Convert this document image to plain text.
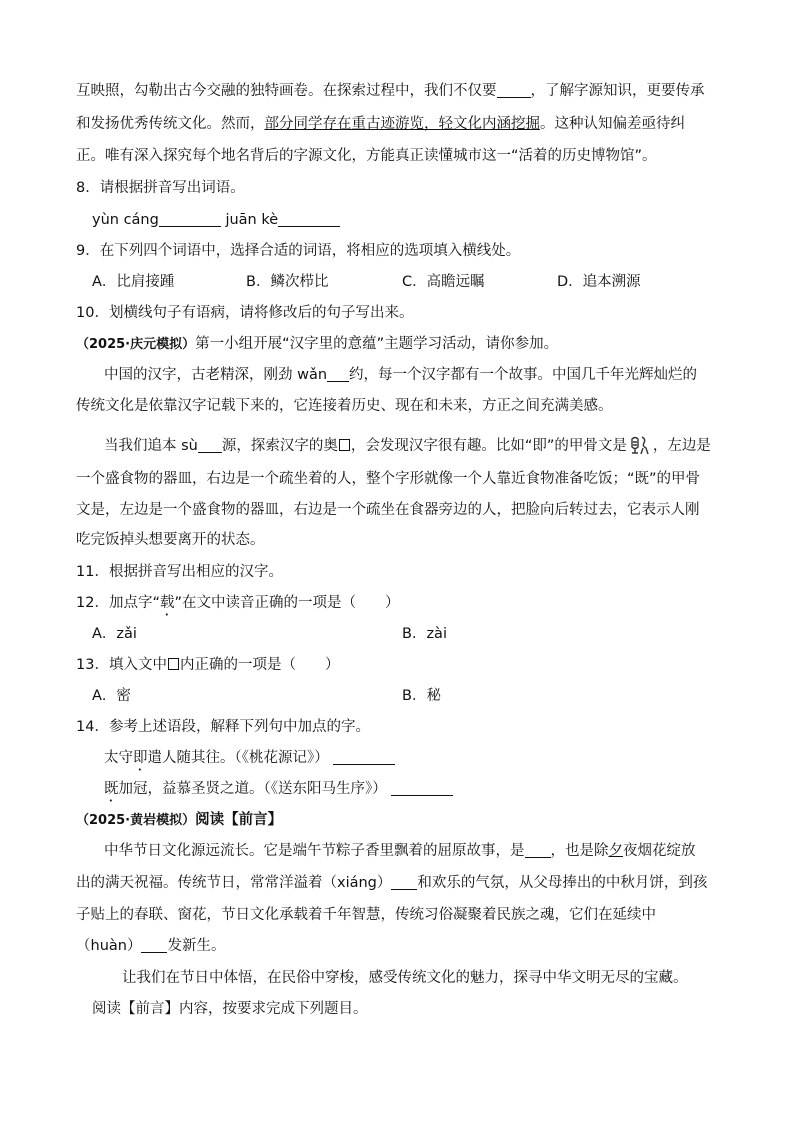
互映照，勾勒出古今交融的独特画卷。在探索过程中，我们不仅要 ，了解字源知识，更要传承
和发扬优秀传统文化。然而，部分同学存在重古迹游览，轻文化内涵挖掘。这种认知偏差亟待纠
正。唯有深入探究每个地名背后的字源文化，方能真正读懂城市这一“活着的历史博物馆”。
8．请根据拼音写出词语。
yùn cáng	juān kè
9．在下列四个词语中，选择合适的词语，将相应的选项填入横线处。
A．比肩接踵	B．鳞次栉比	C．高瞻远瞩	D．追本溯源
10．划横线句子有语病，请将修改后的句子写出来。
（2025·庆元模拟）第一小组开展“汉字里的意蕴”主题学习活动，请你参加。
中国的汉字，古老精深，刚劲 wǎn 约，每一个汉字都有一个故事。中国几千年光辉灿烂的
传统文化是依靠汉字记载下来的，它连接着历史、现在和未来，方正之间充满美感。
当我们追本 sù 源，探索汉字的奥 ，会发现汉字很有趣。比如“即”的甲骨文是 ，左边是
一个盛食物的器皿，右边是一个疏坐着的人，整个字形就像一个人靠近食物准备吃饭；“既”的甲骨
文是，左边是一个盛食物的器皿，右边是一个疏坐在食器旁边的人，把脸向后转过去，它表示人刚
吃完饭掉头想要离开的状态。
11．根据拼音写出相应的汉字。
12．加点字“载”在文中读音正确的一项是（　　）
A．zǎi	B．zài
13．填入文中 内正确的一项是（　　）
A．密	B．秘
14．参考上述语段，解释下列句中加点的字。
太守即遣人随其往。（《桃花源记》）
既加冠，益慕圣贤之道。（《送东阳马生序》）
（2025·黄岩模拟）阅读【前言】
中华节日文化源远流长。它是端午节粽子香里飘着的屈原故事，是 ，也是除夕夜烟花绽放
出的满天祝福。传统节日，常常洋溢着（xiáng） 和欢乐的气氛，从父母捧出的中秋月饼，到孩
子贴上的春联、窗花，节日文化承载着千年智慧，传统习俗凝聚着民族之魂，它们在延续中
（huàn） 发新生。
让我们在节日中体悟，在民俗中穿梭，感受传统文化的魅力，探寻中华文明无尽的宝藏。
阅读【前言】内容，按要求完成下列题目。
